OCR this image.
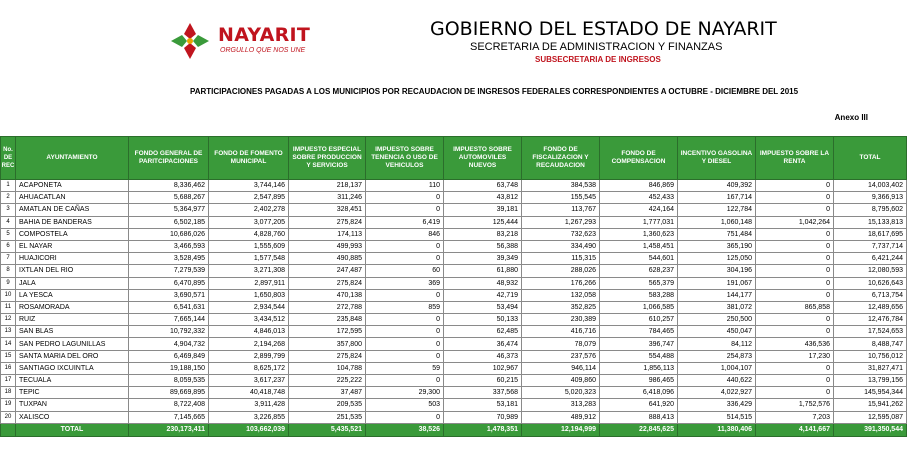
NAYARIT
ORGULLO QUE NOS UNE
GOBIERNO DEL ESTADO DE NAYARIT
SECRETARIA DE ADMINISTRACION Y FINANZAS
SUBSECRETARIA DE INGRESOS
PARTICIPACIONES PAGADAS A LOS MUNICIPIOS POR RECAUDACION DE INGRESOS FEDERALES CORRESPONDIENTES A OCTUBRE - DICIEMBRE DEL 2015
Anexo III
No. DE REC	AYUNTAMIENTO	FONDO GENERAL DE PARITCIPACIONES	FONDO DE FOMENTO MUNICIPAL	IMPUESTO ESPECIAL SOBRE PRODUCCION Y SERVICIOS	IMPUESTO SOBRE TENENCIA O USO DE VEHICULOS	IMPUESTO SOBRE AUTOMOVILES NUEVOS	FONDO DE FISCALIZACION Y RECAUDACION	FONDO DE COMPENSACION	INCENTIVO GASOLINA Y DIESEL	IMPUESTO SOBRE LA RENTA	TOTAL
1	ACAPONETA	8,336,462	3,744,146	218,137	110	63,748	384,538	846,869	409,392	0	14,003,402
2	AHUACATLAN	5,688,267	2,547,895	311,246	0	43,812	155,545	452,433	167,714	0	9,366,913
3	AMATLAN DE CAÑAS	5,364,977	2,402,278	328,451	0	39,181	113,767	424,164	122,784	0	8,795,602
4	BAHIA DE BANDERAS	6,502,185	3,077,205	275,824	6,419	125,444	1,267,293	1,777,031	1,060,148	1,042,264	15,133,813
5	COMPOSTELA	10,686,026	4,828,760	174,113	846	83,218	732,623	1,360,623	751,484	0	18,617,695
6	EL NAYAR	3,466,593	1,555,609	499,993	0	56,388	334,490	1,458,451	365,190	0	7,737,714
7	HUAJICORI	3,528,495	1,577,548	490,885	0	39,349	115,315	544,601	125,050	0	6,421,244
8	IXTLAN DEL RIO	7,279,539	3,271,308	247,487	60	61,880	288,026	628,237	304,196	0	12,080,593
9	JALA	6,470,895	2,897,911	275,824	369	48,932	176,266	565,379	191,067	0	10,626,643
10	LA YESCA	3,690,571	1,650,803	470,138	0	42,719	132,058	583,288	144,177	0	6,713,754
11	ROSAMORADA	6,541,631	2,934,544	272,788	859	53,494	352,825	1,066,585	381,072	865,858	12,489,656
12	RUIZ	7,665,144	3,434,512	235,848	0	50,133	230,389	610,257	250,500	0	12,476,784
13	SAN BLAS	10,792,332	4,846,013	172,595	0	62,485	416,716	784,465	450,047	0	17,524,653
14	SAN PEDRO LAGUNILLAS	4,904,732	2,194,268	357,800	0	36,474	78,079	396,747	84,112	436,536	8,488,747
15	SANTA MARIA DEL ORO	6,469,849	2,899,799	275,824	0	46,373	237,576	554,488	254,873	17,230	10,756,012
16	SANTIAGO IXCUINTLA	19,188,150	8,625,172	104,788	59	102,967	946,114	1,856,113	1,004,107	0	31,827,471
17	TECUALA	8,059,535	3,617,237	225,222	0	60,215	409,860	986,465	440,622	0	13,799,156
18	TEPIC	89,669,895	40,418,748	37,487	29,300	337,568	5,020,323	6,418,096	4,022,927	0	145,954,344
19	TUXPAN	8,722,408	3,911,428	209,535	503	53,181	313,283	641,920	336,429	1,752,576	15,941,262
20	XALISCO	7,145,665	3,226,855	251,535	0	70,989	489,912	888,413	514,515	7,203	12,595,087
	TOTAL	230,173,411	103,662,039	5,435,521	38,526	1,478,351	12,194,999	22,845,625	11,380,406	4,141,667	391,350,544
